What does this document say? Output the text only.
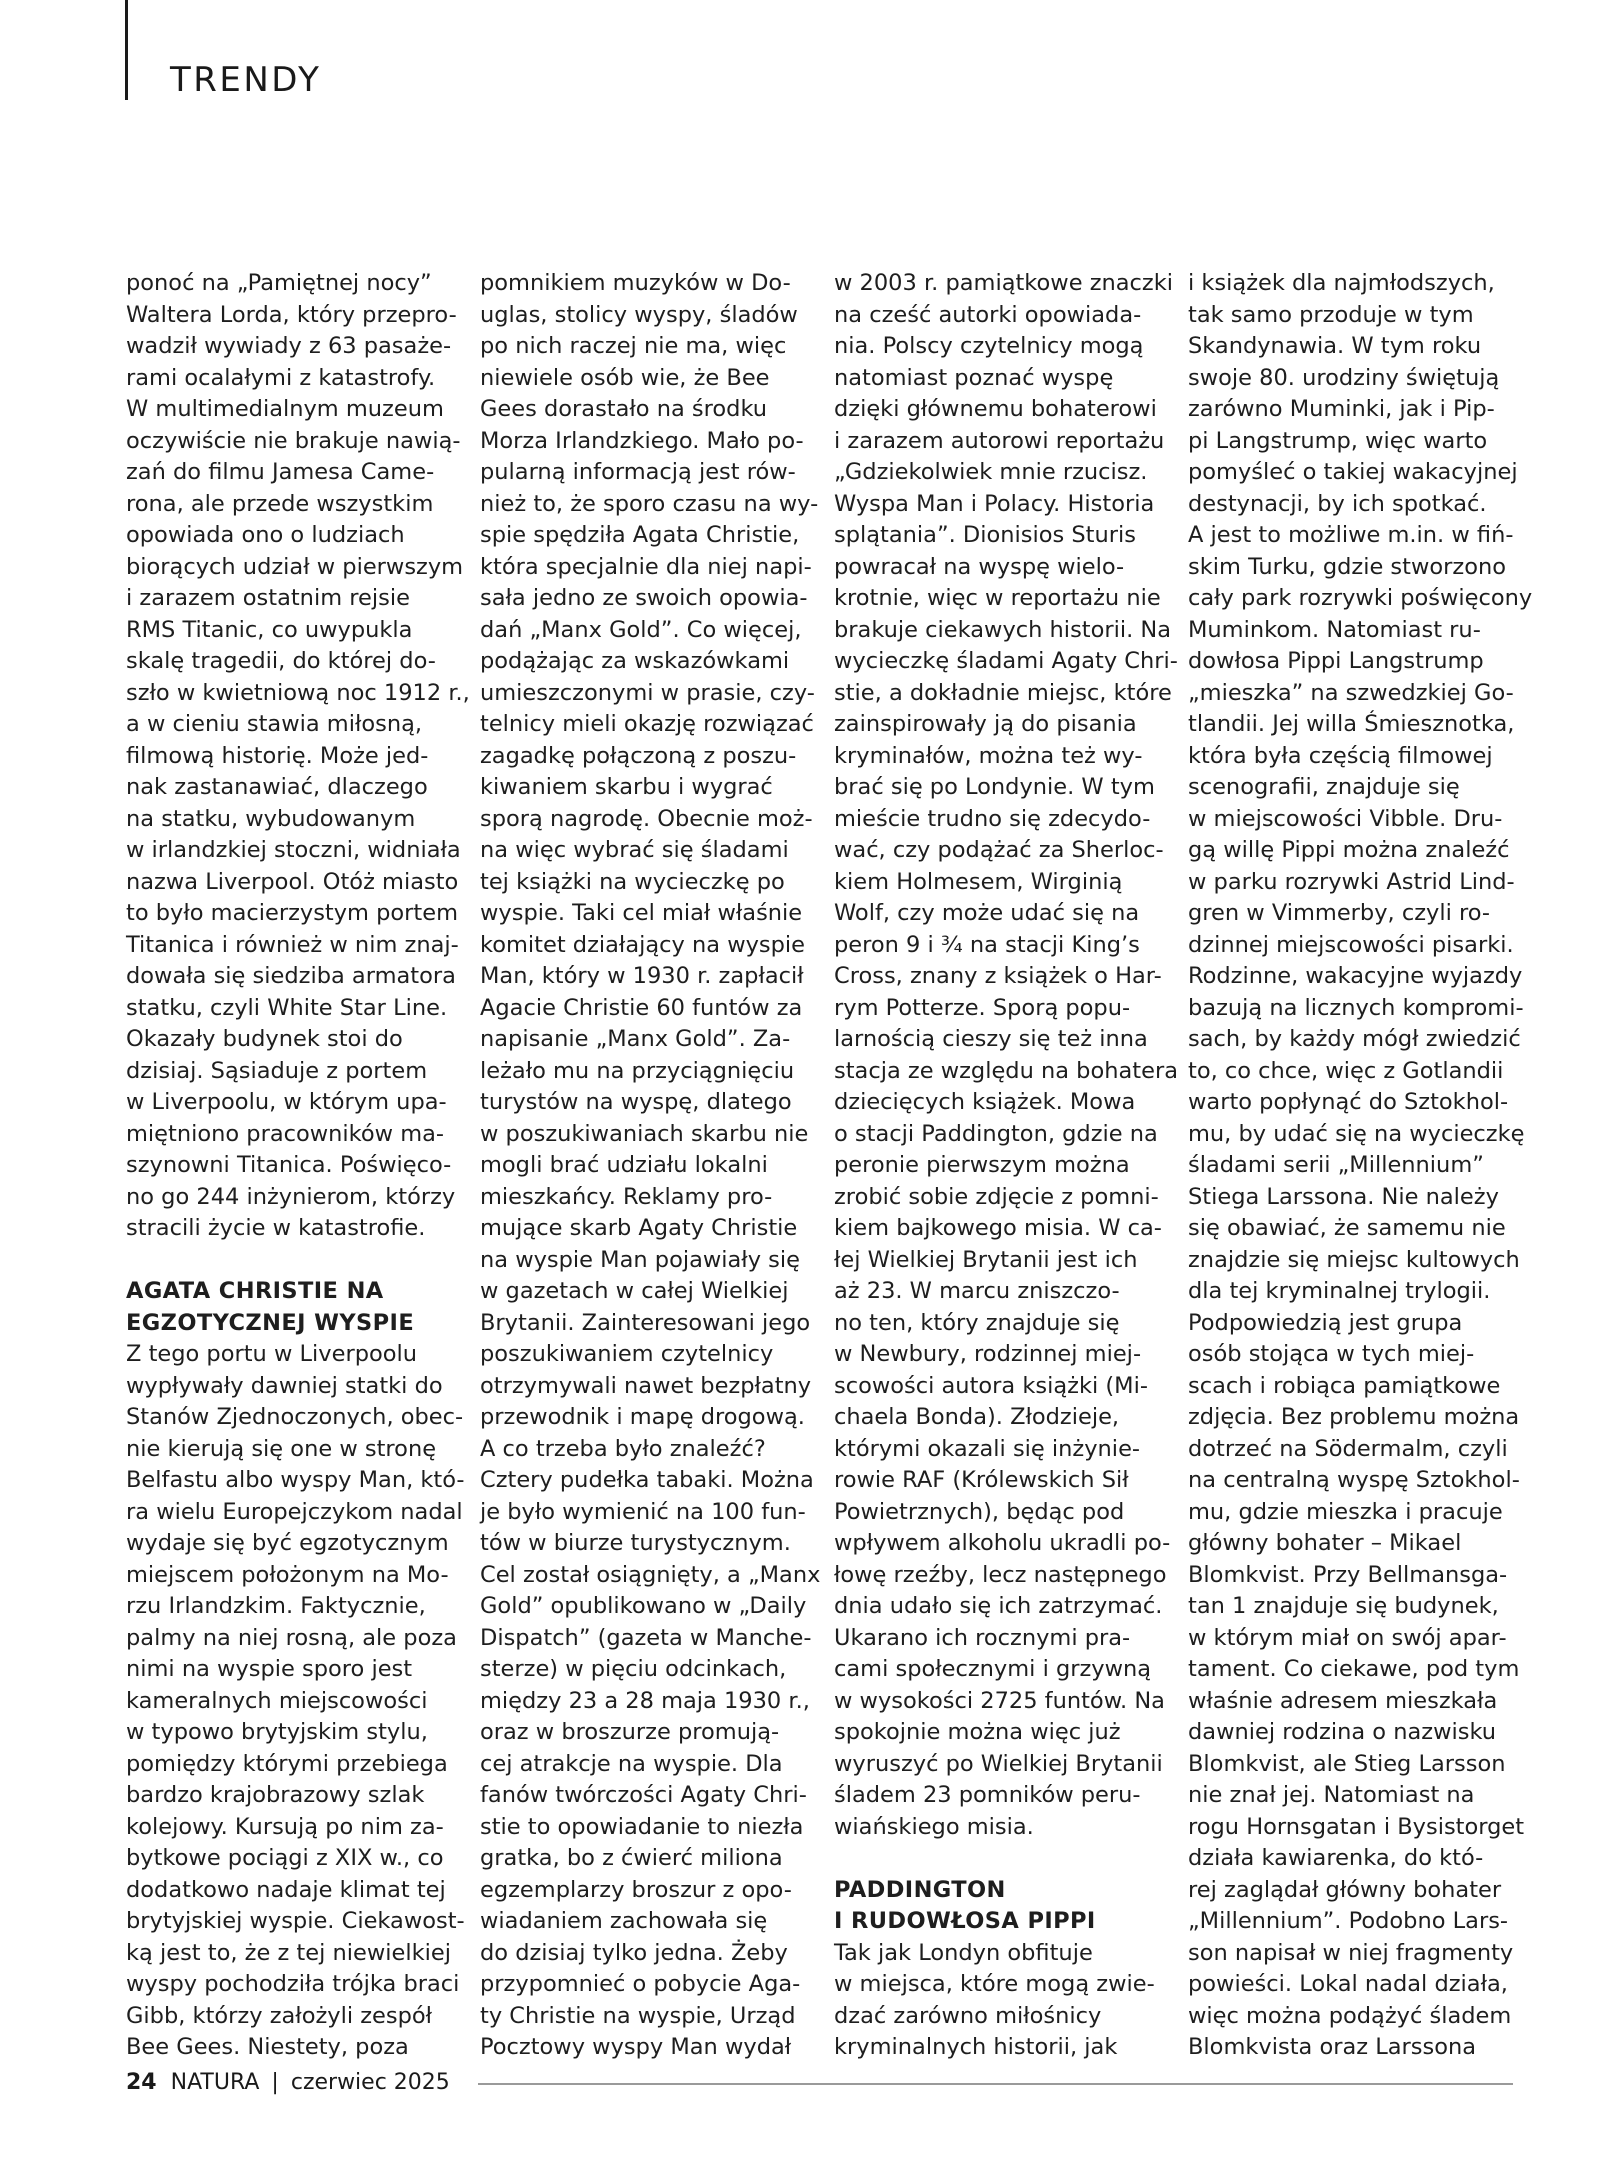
TRENDY
ponoć na „Pamiętnej nocy”
Waltera Lorda, który przepro-
wadził wywiady z 63 pasaże-
rami ocalałymi z katastrofy.
W multimedialnym muzeum
oczywiście nie brakuje nawią-
zań do filmu Jamesa Came-
rona, ale przede wszystkim
opowiada ono o ludziach
biorących udział w pierwszym
i zarazem ostatnim rejsie
RMS Titanic, co uwypukla
skalę tragedii, do której do-
szło w kwietniową noc 1912 r.,
a w cieniu stawia miłosną,
filmową historię. Może jed-
nak zastanawiać, dlaczego
na statku, wybudowanym
w irlandzkiej stoczni, widniała
nazwa Liverpool. Otóż miasto
to było macierzystym portem
Titanica i również w nim znaj-
dowała się siedziba armatora
statku, czyli White Star Line.
Okazały budynek stoi do
dzisiaj. Sąsiaduje z portem
w Liverpoolu, w którym upa-
miętniono pracowników ma-
szynowni Titanica. Poświęco-
no go 244 inżynierom, którzy
stracili życie w katastrofie.
AGATA CHRISTIE NA
EGZOTYCZNEJ WYSPIE
Z tego portu w Liverpoolu
wypływały dawniej statki do
Stanów Zjednoczonych, obec-
nie kierują się one w stronę
Belfastu albo wyspy Man, któ-
ra wielu Europejczykom nadal
wydaje się być egzotycznym
miejscem położonym na Mo-
rzu Irlandzkim. Faktycznie,
palmy na niej rosną, ale poza
nimi na wyspie sporo jest
kameralnych miejscowości
w typowo brytyjskim stylu,
pomiędzy którymi przebiega
bardzo krajobrazowy szlak
kolejowy. Kursują po nim za-
bytkowe pociągi z XIX w., co
dodatkowo nadaje klimat tej
brytyjskiej wyspie. Ciekawost-
ką jest to, że z tej niewielkiej
wyspy pochodziła trójka braci
Gibb, którzy założyli zespół
Bee Gees. Niestety, poza
pomnikiem muzyków w Do-
uglas, stolicy wyspy, śladów
po nich raczej nie ma, więc
niewiele osób wie, że Bee
Gees dorastało na środku
Morza Irlandzkiego. Mało po-
pularną informacją jest rów-
nież to, że sporo czasu na wy-
spie spędziła Agata Christie,
która specjalnie dla niej napi-
sała jedno ze swoich opowia-
dań „Manx Gold”. Co więcej,
podążając za wskazówkami
umieszczonymi w prasie, czy-
telnicy mieli okazję rozwiązać
zagadkę połączoną z poszu-
kiwaniem skarbu i wygrać
sporą nagrodę. Obecnie moż-
na więc wybrać się śladami
tej książki na wycieczkę po
wyspie. Taki cel miał właśnie
komitet działający na wyspie
Man, który w 1930 r. zapłacił
Agacie Christie 60 funtów za
napisanie „Manx Gold”. Za-
leżało mu na przyciągnięciu
turystów na wyspę, dlatego
w poszukiwaniach skarbu nie
mogli brać udziału lokalni
mieszkańcy. Reklamy pro-
mujące skarb Agaty Christie
na wyspie Man pojawiały się
w gazetach w całej Wielkiej
Brytanii. Zainteresowani jego
poszukiwaniem czytelnicy
otrzymywali nawet bezpłatny
przewodnik i mapę drogową.
A co trzeba było znaleźć?
Cztery pudełka tabaki. Można
je było wymienić na 100 fun-
tów w biurze turystycznym.
Cel został osiągnięty, a „Manx
Gold” opublikowano w „Daily
Dispatch” (gazeta w Manche-
sterze) w pięciu odcinkach,
między 23 a 28 maja 1930 r.,
oraz w broszurze promują-
cej atrakcje na wyspie. Dla
fanów twórczości Agaty Chri-
stie to opowiadanie to niezła
gratka, bo z ćwierć miliona
egzemplarzy broszur z opo-
wiadaniem zachowała się
do dzisiaj tylko jedna. Żeby
przypomnieć o pobycie Aga-
ty Christie na wyspie, Urząd
Pocztowy wyspy Man wydał
w 2003 r. pamiątkowe znaczki
na cześć autorki opowiada-
nia. Polscy czytelnicy mogą
natomiast poznać wyspę
dzięki głównemu bohaterowi
i zarazem autorowi reportażu
„Gdziekolwiek mnie rzucisz.
Wyspa Man i Polacy. Historia
splątania”. Dionisios Sturis
powracał na wyspę wielo-
krotnie, więc w reportażu nie
brakuje ciekawych historii. Na
wycieczkę śladami Agaty Chri-
stie, a dokładnie miejsc, które
zainspirowały ją do pisania
kryminałów, można też wy-
brać się po Londynie. W tym
mieście trudno się zdecydo-
wać, czy podążać za Sherloc-
kiem Holmesem, Wirginią
Wolf, czy może udać się na
peron 9 i ¾ na stacji King’s
Cross, znany z książek o Har-
rym Potterze. Sporą popu-
larnością cieszy się też inna
stacja ze względu na bohatera
dziecięcych książek. Mowa
o stacji Paddington, gdzie na
peronie pierwszym można
zrobić sobie zdjęcie z pomni-
kiem bajkowego misia. W ca-
łej Wielkiej Brytanii jest ich
aż 23. W marcu zniszczo-
no ten, który znajduje się
w Newbury, rodzinnej miej-
scowości autora książki (Mi-
chaela Bonda). Złodzieje,
którymi okazali się inżynie-
rowie RAF (Królewskich Sił
Powietrznych), będąc pod
wpływem alkoholu ukradli po-
łowę rzeźby, lecz następnego
dnia udało się ich zatrzymać.
Ukarano ich rocznymi pra-
cami społecznymi i grzywną
w wysokości 2725 funtów. Na
spokojnie można więc już
wyruszyć po Wielkiej Brytanii
śladem 23 pomników peru-
wiańskiego misia.
PADDINGTON
I RUDOWŁOSA PIPPI
Tak jak Londyn obfituje
w miejsca, które mogą zwie-
dzać zarówno miłośnicy
kryminalnych historii, jak
i książek dla najmłodszych,
tak samo przoduje w tym
Skandynawia. W tym roku
swoje 80. urodziny świętują
zarówno Muminki, jak i Pip-
pi Langstrump, więc warto
pomyśleć o takiej wakacyjnej
destynacji, by ich spotkać.
A jest to możliwe m.in. w fiń-
skim Turku, gdzie stworzono
cały park rozrywki poświęcony
Muminkom. Natomiast ru-
dowłosa Pippi Langstrump
„mieszka” na szwedzkiej Go-
tlandii. Jej willa Śmiesznotka,
która była częścią filmowej
scenografii, znajduje się
w miejscowości Vibble. Dru-
gą willę Pippi można znaleźć
w parku rozrywki Astrid Lind-
gren w Vimmerby, czyli ro-
dzinnej miejscowości pisarki.
Rodzinne, wakacyjne wyjazdy
bazują na licznych kompromi-
sach, by każdy mógł zwiedzić
to, co chce, więc z Gotlandii
warto popłynąć do Sztokhol-
mu, by udać się na wycieczkę
śladami serii „Millennium”
Stiega Larssona. Nie należy
się obawiać, że samemu nie
znajdzie się miejsc kultowych
dla tej kryminalnej trylogii.
Podpowiedzią jest grupa
osób stojąca w tych miej-
scach i robiąca pamiątkowe
zdjęcia. Bez problemu można
dotrzeć na Södermalm, czyli
na centralną wyspę Sztokhol-
mu, gdzie mieszka i pracuje
główny bohater – Mikael
Blomkvist. Przy Bellmansga-
tan 1 znajduje się budynek,
w którym miał on swój apar-
tament. Co ciekawe, pod tym
właśnie adresem mieszkała
dawniej rodzina o nazwisku
Blomkvist, ale Stieg Larsson
nie znał jej. Natomiast na
rogu Hornsgatan i Bysistorget
działa kawiarenka, do któ-
rej zaglądał główny bohater
„Millennium”. Podobno Lars-
son napisał w niej fragmenty
powieści. Lokal nadal działa,
więc można podążyć śladem
Blomkvista oraz Larssona
24 NATURA | czerwiec 2025
